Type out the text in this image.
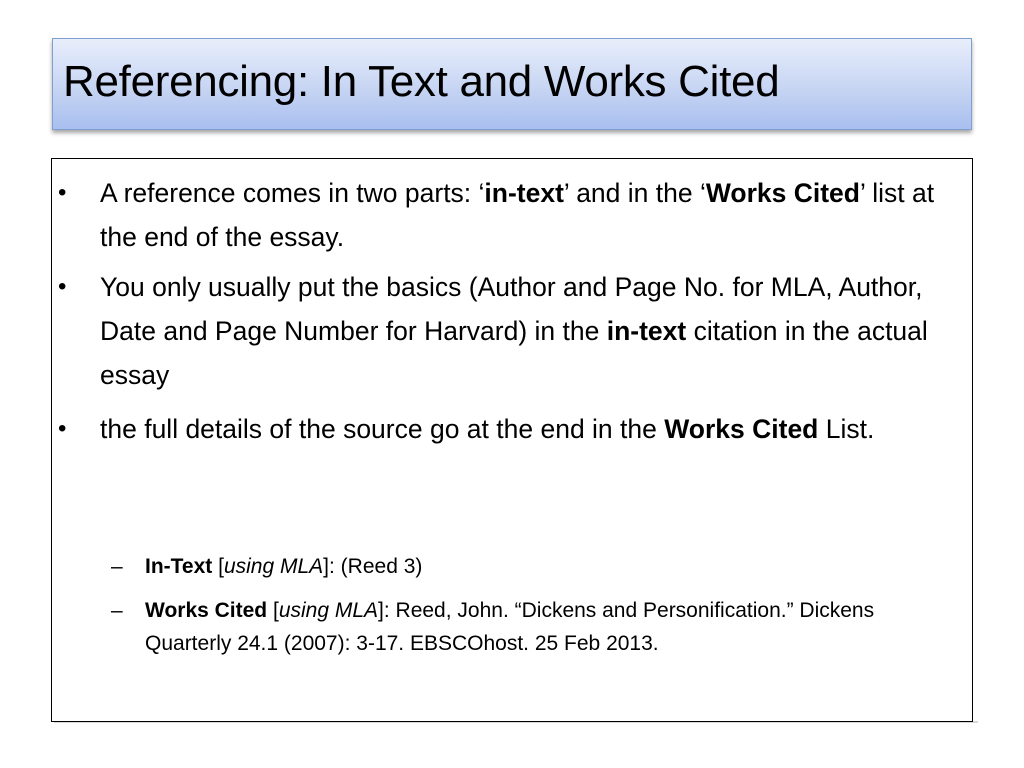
Referencing: In Text and Works Cited
• A reference comes in two parts: ‘in-text’ and in the ‘Works Cited’ list at the end of the essay.
• You only usually put the basics (Author and Page No. for MLA, Author, Date and Page Number for Harvard) in the in-text citation in the actual essay
• the full details of the source go at the end in the Works Cited List.
– In-Text [using MLA]: (Reed 3)
– Works Cited [using MLA]: Reed, John. “Dickens and Personification.” Dickens Quarterly 24.1 (2007): 3-17. EBSCOhost. 25 Feb 2013.
